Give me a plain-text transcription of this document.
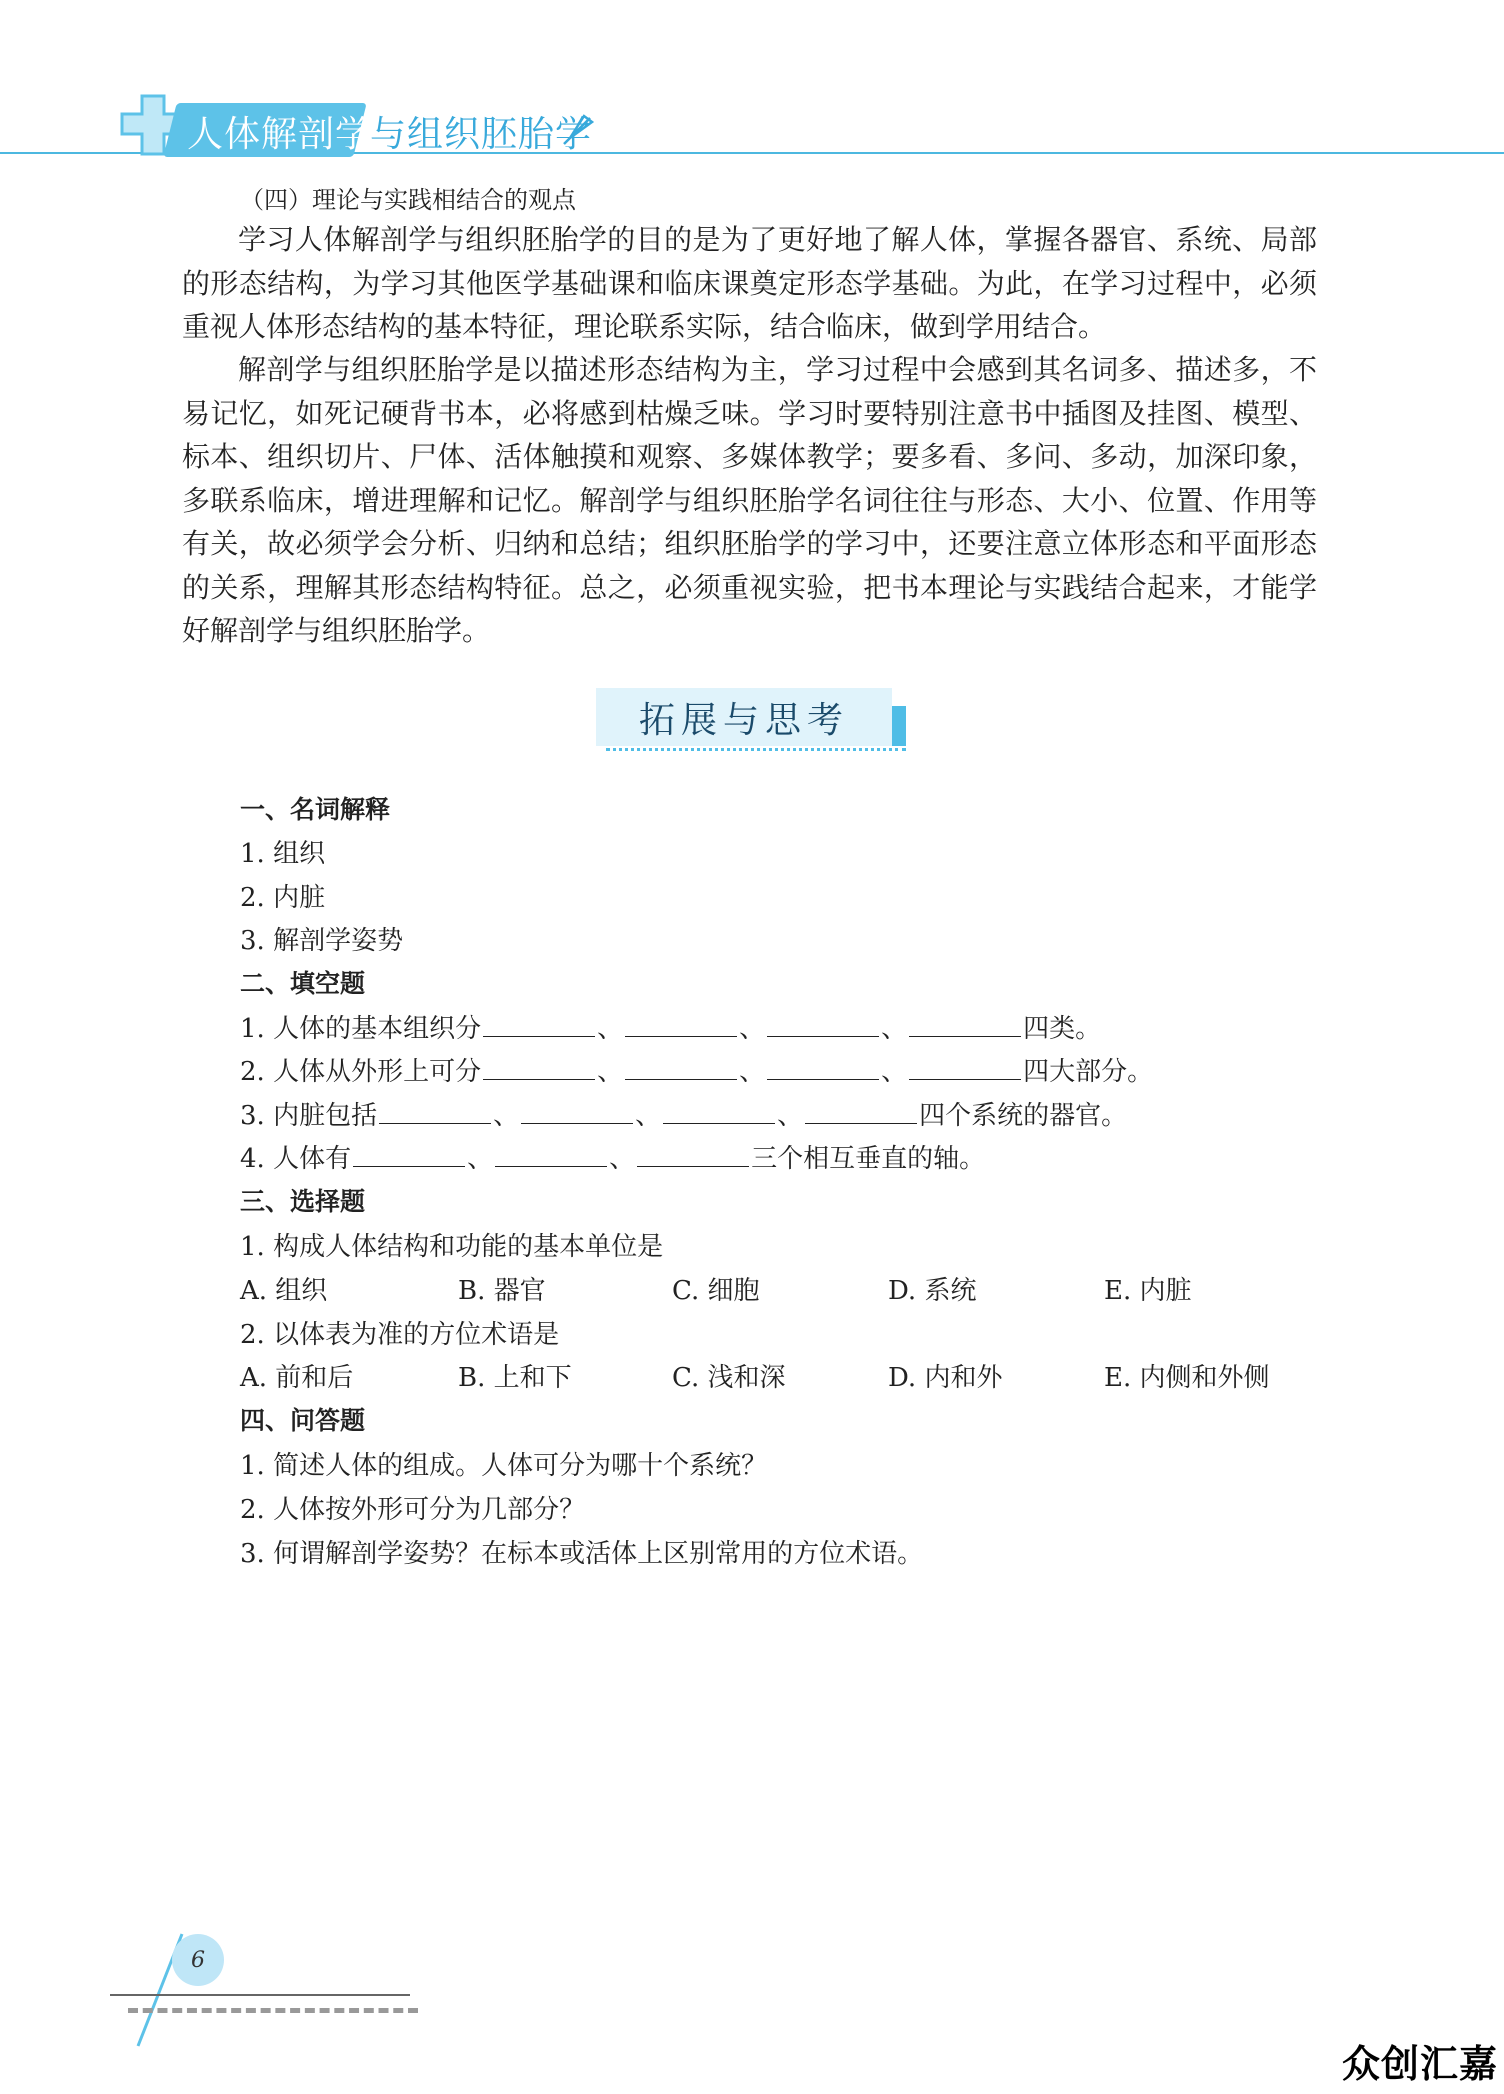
人体解剖学
与组织胚胎学
（四）理论与实践相结合的观点

学习人体解剖学与组织胚胎学的目的是为了更好地了解人体，掌握各器官、系统、局部的形态结构，为学习其他医学基础课和临床课奠定形态学基础。为此，在学习过程中，必须重视人体形态结构的基本特征，理论联系实际，结合临床，做到学用结合。

解剖学与组织胚胎学是以描述形态结构为主，学习过程中会感到其名词多、描述多，不易记忆，如死记硬背书本，必将感到枯燥乏味。学习时要特别注意书中插图及挂图、模型、标本、组织切片、尸体、活体触摸和观察、多媒体教学；要多看、多问、多动，加深印象，多联系临床，增进理解和记忆。解剖学与组织胚胎学名词往往与形态、大小、位置、作用等有关，故必须学会分析、归纳和总结；组织胚胎学的学习中，还要注意立体形态和平面形态的关系，理解其形态结构特征。总之，必须重视实验，把书本理论与实践结合起来，才能学好解剖学与组织胚胎学。

拓展与思考
一、名词解释
1. 组织
2. 内脏
3. 解剖学姿势
二、填空题
1. 人体的基本组织分	、	、	、	四类。
2. 人体从外形上可分	、	、	、	四大部分。
3. 内脏包括	、	、	、	四个系统的器官。
4. 人体有	、	、	三个相互垂直的轴。
三、选择题
1. 构成人体结构和功能的基本单位是
A. 组织	B. 器官	C. 细胞	D. 系统	E. 内脏
2. 以体表为准的方位术语是
A. 前和后	B. 上和下	C. 浅和深	D. 内和外	E. 内侧和外侧
四、问答题
1. 简述人体的组成。人体可分为哪十个系统？
2. 人体按外形可分为几部分？
3. 何谓解剖学姿势？在标本或活体上区别常用的方位术语。
6
众创汇嘉
